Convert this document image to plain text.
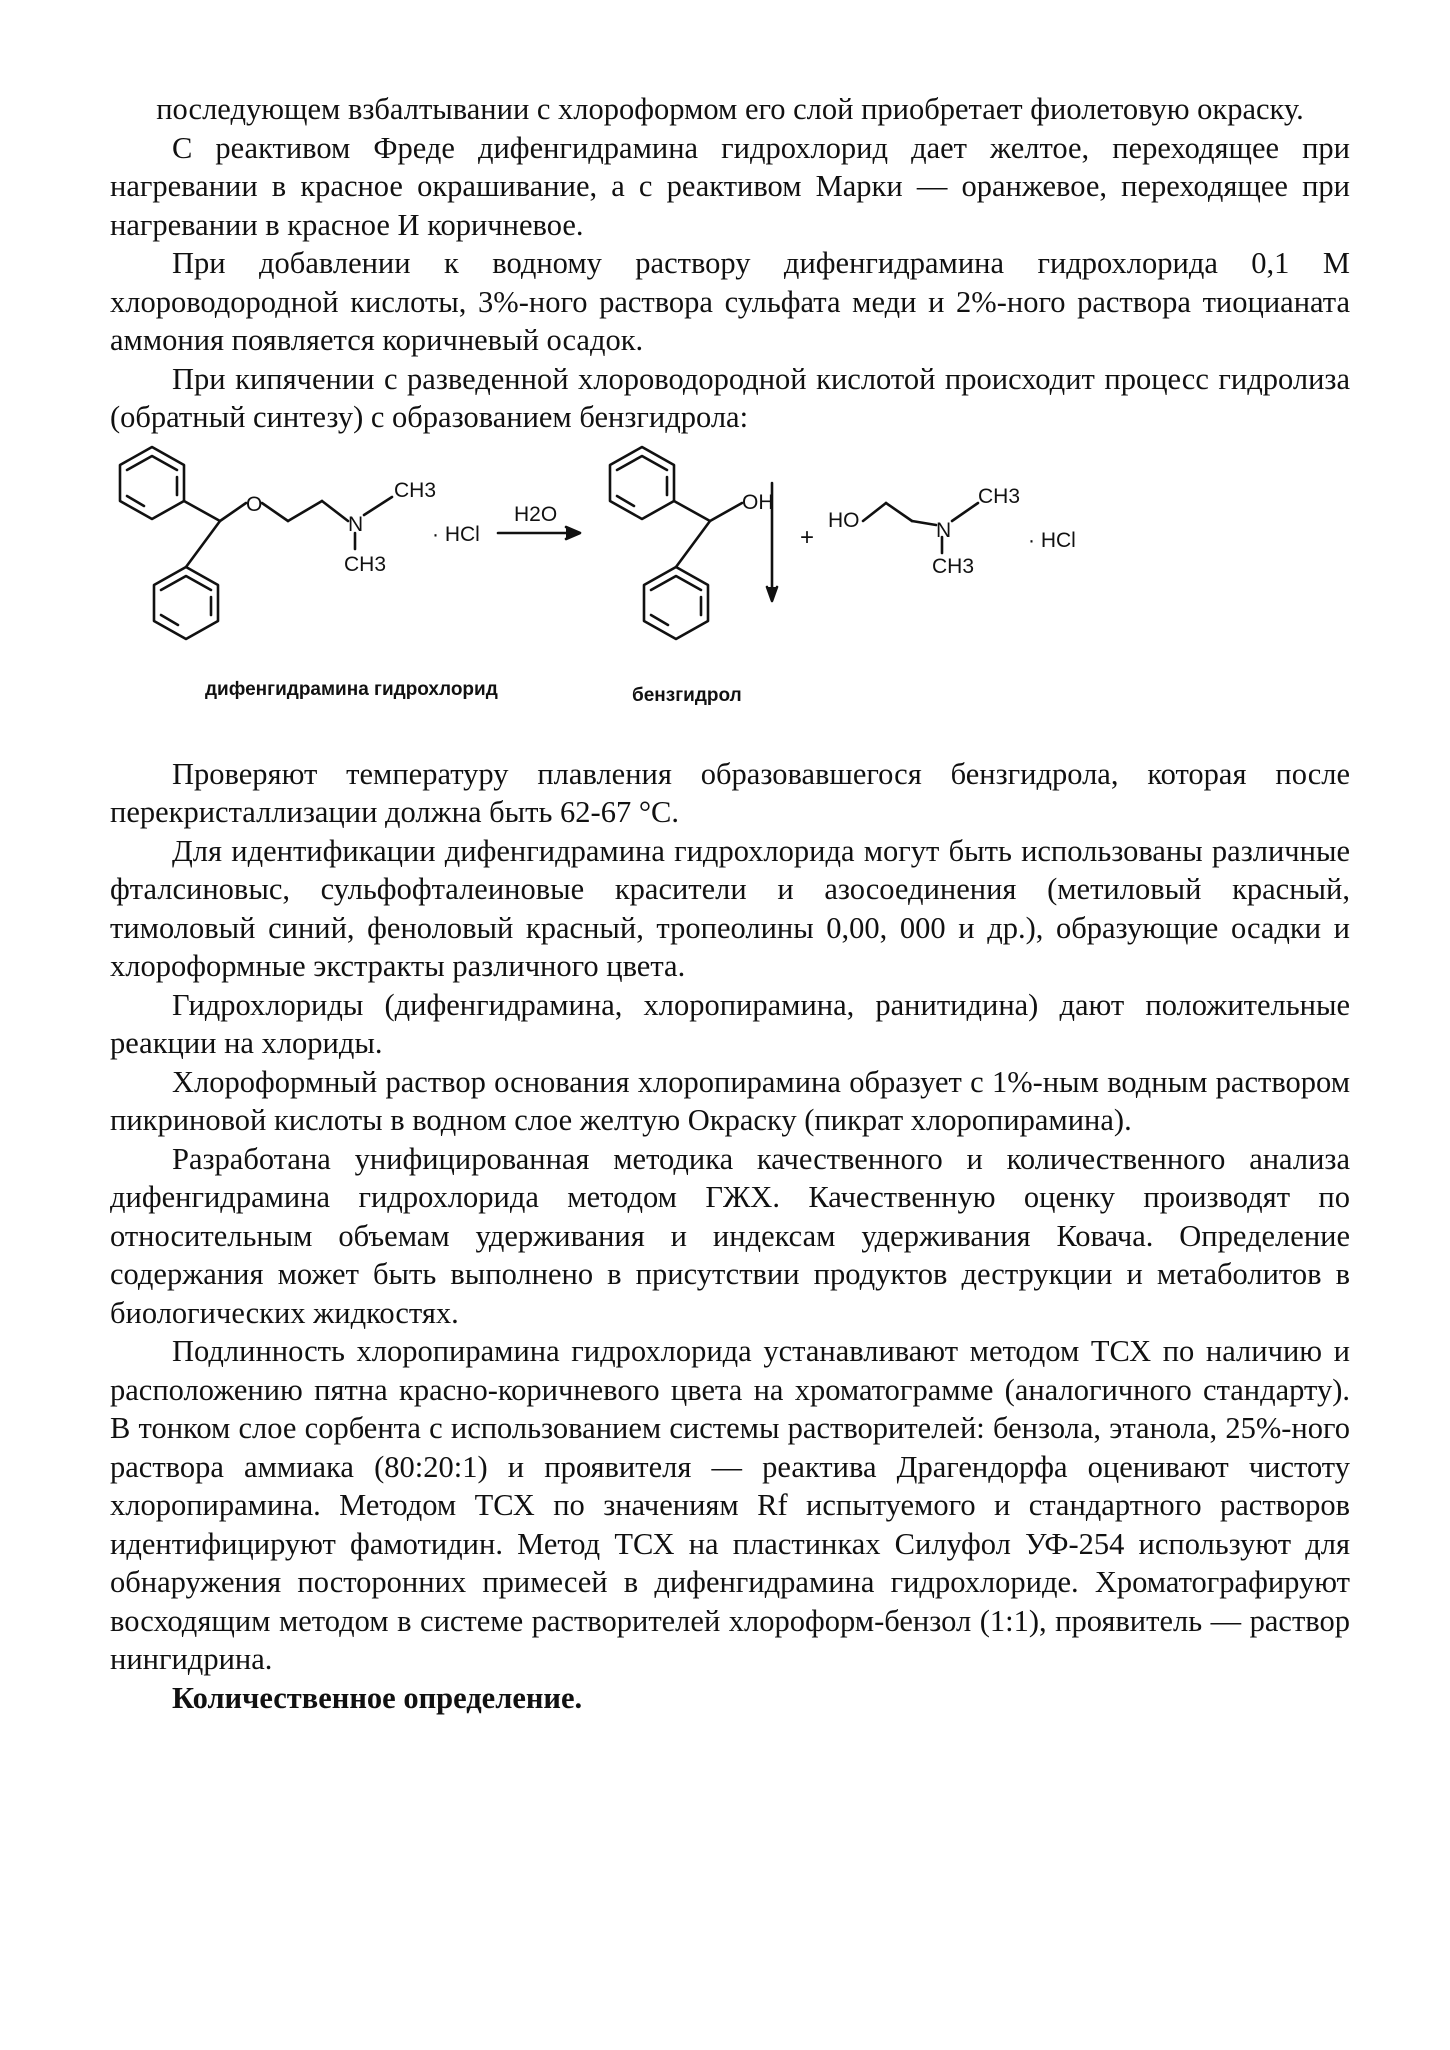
последующем взбалтывании с хлороформом его слой приобретает фиолетовую окраску.

С реактивом Фреде дифенгидрамина гидрохлорид дает желтое, переходящее при нагревании в красное окрашивание, а с реактивом Марки — оранжевое, переходящее при нагревании в красное И коричневое.

При добавлении к водному раствору дифенгидрамина гидрохлорида 0,1 М хлороводородной кислоты, 3%-ного раствора сульфата меди и 2%-ного раствора тиоцианата аммония появляется коричневый осадок.

При кипячении с разведенной хлороводородной кислотой происходит процесс гидролиза (обратный синтезу) с образованием бензгидрола:

O
N
CH3
CH3
· HCl
H2O
OH
+
HO	N
CH3
CH3
· HCl
дифенгидрамина гидрохлорид	бензгидрол

Проверяют температуру плавления образовавшегося бензгидрола, которая после перекристаллизации должна быть 62-67 °С.

Для идентификации дифенгидрамина гидрохлорида могут быть использованы различные фталсиновыс, сульфофталеиновые красители и азосоединения (метиловый красный, тимоловый синий, феноловый красный, тропеолины 0,00, 000 и др.), образующие осадки и хлороформные экстракты различного цвета.

Гидрохлориды (дифенгидрамина, хлоропирамина, ранитидина) дают положительные реакции на хлориды.

Хлороформный раствор основания хлоропирамина образует с 1%-ным водным раствором пикриновой кислоты в водном слое желтую Окраску (пикрат хлоропирамина).

Разработана унифицированная методика качественного и количественного анализа дифенгидрамина гидрохлорида методом ГЖХ. Качественную оценку производят по относительным объемам удерживания и индексам удерживания Ковача. Определение содержания может быть выполнено в присутствии продуктов деструкции и метаболитов в биологических жидкостях.

Подлинность хлоропирамина гидрохлорида устанавливают методом ТСХ по наличию и расположению пятна красно-коричневого цвета на хроматограмме (аналогичного стандарту). В тонком слое сорбента с использованием системы растворителей: бензола, этанола, 25%-ного раствора аммиака (80:20:1) и проявителя — реактива Драгендорфа оценивают чистоту хлоропирамина. Методом ТСХ по значениям Rf испытуемого и стандартного растворов идентифицируют фамотидин. Метод ТСХ на пластинках Силуфол УФ-254 используют для обнаружения посторонних примесей в дифенгидрамина гидрохлориде. Хроматографируют восходящим методом в системе растворителей хлороформ-бензол (1:1), проявитель — раствор нингидрина.

Количественное определение.
